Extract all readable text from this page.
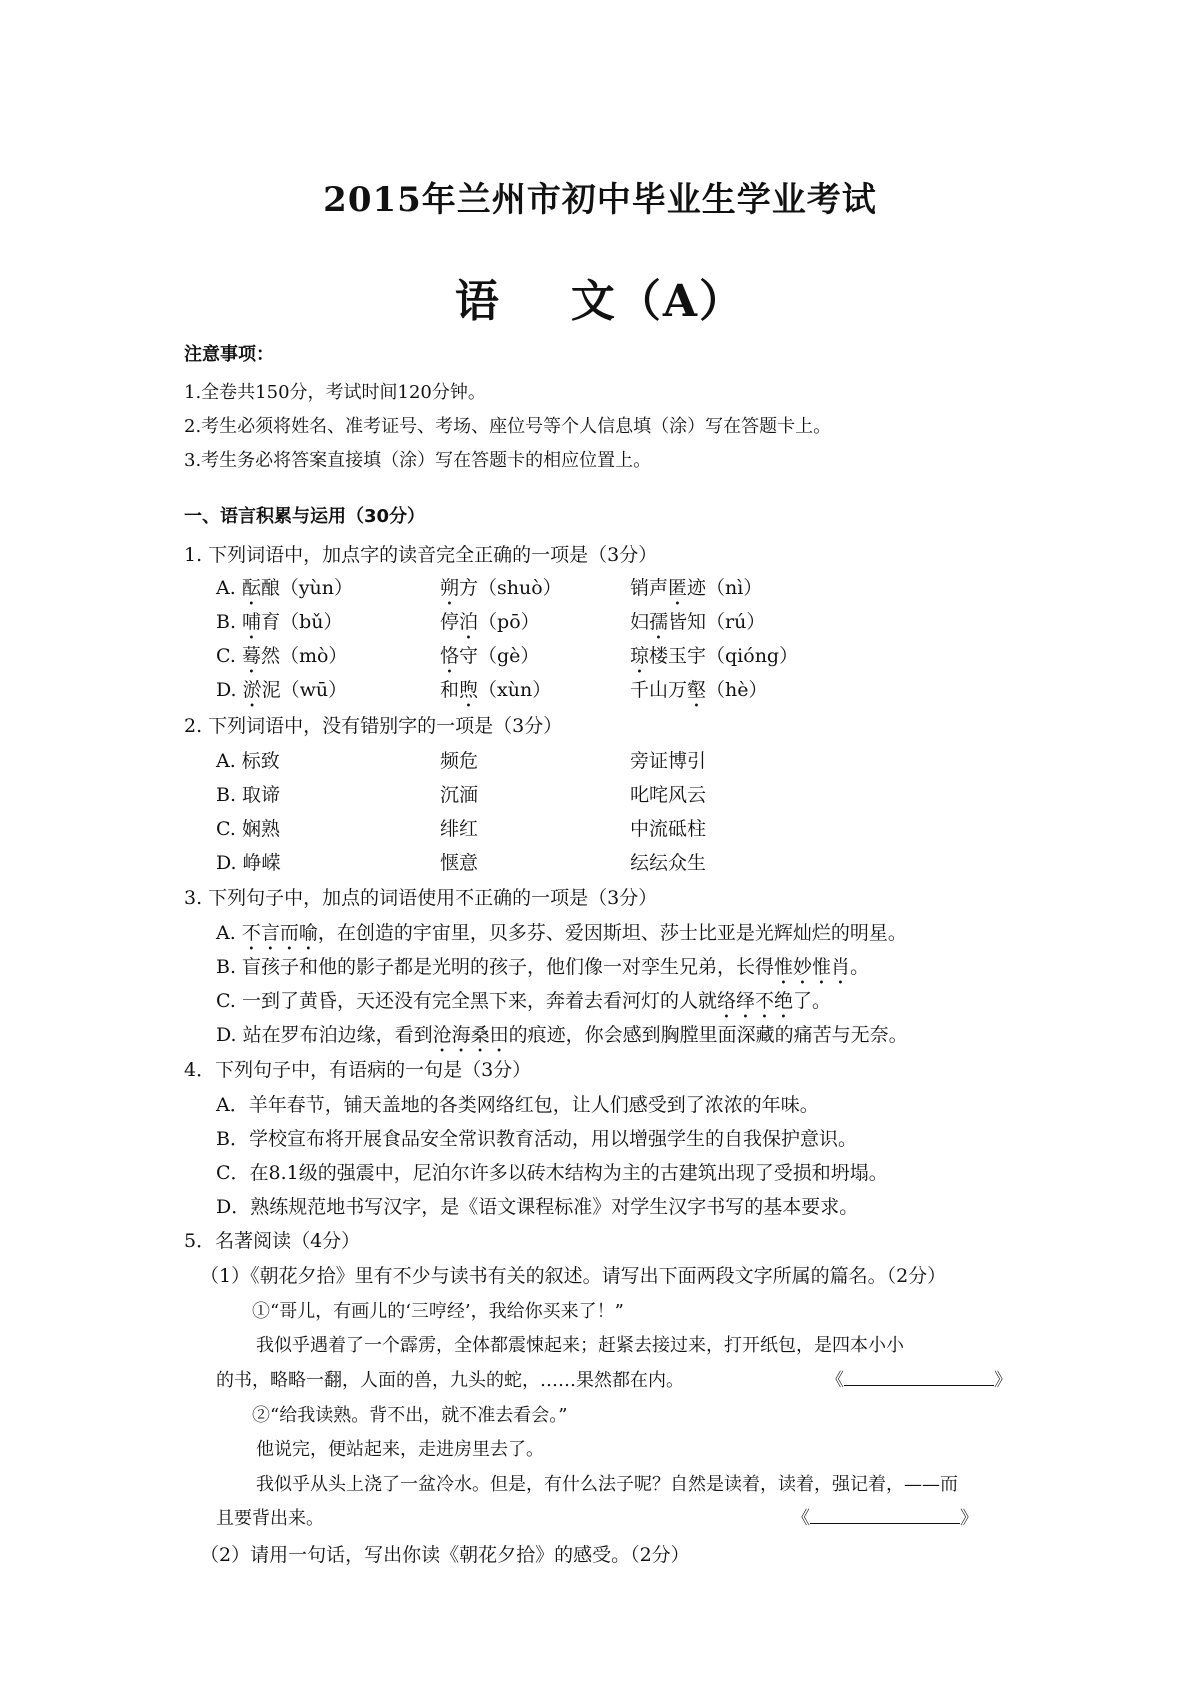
2015年兰州市初中毕业生学业考试
语 文（A）
注意事项：
1.全卷共150分，考试时间120分钟。
2.考生必须将姓名、准考证号、考场、座位号等个人信息填（涂）写在答题卡上。
3.考生务必将答案直接填（涂）写在答题卡的相应位置上。
一、语言积累与运用（30分）
1. 下列词语中，加点字的读音完全正确的一项是（3分）
A. 酝酿（yùn）	朔方（shuò）	销声匿迹（nì）
B. 哺育（bǔ）	停泊（pō）	妇孺皆知（rú）
C. 蓦然（mò）	恪守（gè）	琼楼玉宇（qióng）
D. 淤泥（wū）	和煦（xùn）	千山万壑（hè）
2. 下列词语中，没有错别字的一项是（3分）
A. 标致	频危	旁证博引
B. 取谛	沉湎	叱咤风云
C. 娴熟	绯红	中流砥柱
D. 峥嵘	惬意	纭纭众生
3. 下列句子中，加点的词语使用不正确的一项是（3分）
A. 不言而喻，在创造的宇宙里，贝多芬、爱因斯坦、莎士比亚是光辉灿烂的明星。
B. 盲孩子和他的影子都是光明的孩子，他们像一对孪生兄弟，长得惟妙惟肖。
C. 一到了黄昏，天还没有完全黑下来，奔着去看河灯的人就络绎不绝了。
D. 站在罗布泊边缘，看到沧海桑田的痕迹，你会感到胸膛里面深藏的痛苦与无奈。
4．下列句子中，有语病的一句是（3分）
A．羊年春节，铺天盖地的各类网络红包，让人们感受到了浓浓的年味。
B．学校宣布将开展食品安全常识教育活动，用以增强学生的自我保护意识。
C．在8.1级的强震中，尼泊尔许多以砖木结构为主的古建筑出现了受损和坍塌。
D．熟练规范地书写汉字，是《语文课程标准》对学生汉字书写的基本要求。
5．名著阅读（4分）
（1）《朝花夕拾》里有不少与读书有关的叙述。请写出下面两段文字所属的篇名。（2分）
①“哥儿，有画儿的‘三哼经’，我给你买来了！”
我似乎遇着了一个霹雳，全体都震悚起来；赶紧去接过来，打开纸包，是四本小小
的书，略略一翻，人面的兽，九头的蛇，……果然都在内。	《	》
②“给我读熟。背不出，就不准去看会。”
他说完，便站起来，走进房里去了。
我似乎从头上浇了一盆冷水。但是，有什么法子呢？自然是读着，读着，强记着，——而
且要背出来。	《	》
（2）请用一句话，写出你读《朝花夕拾》的感受。（2分）
